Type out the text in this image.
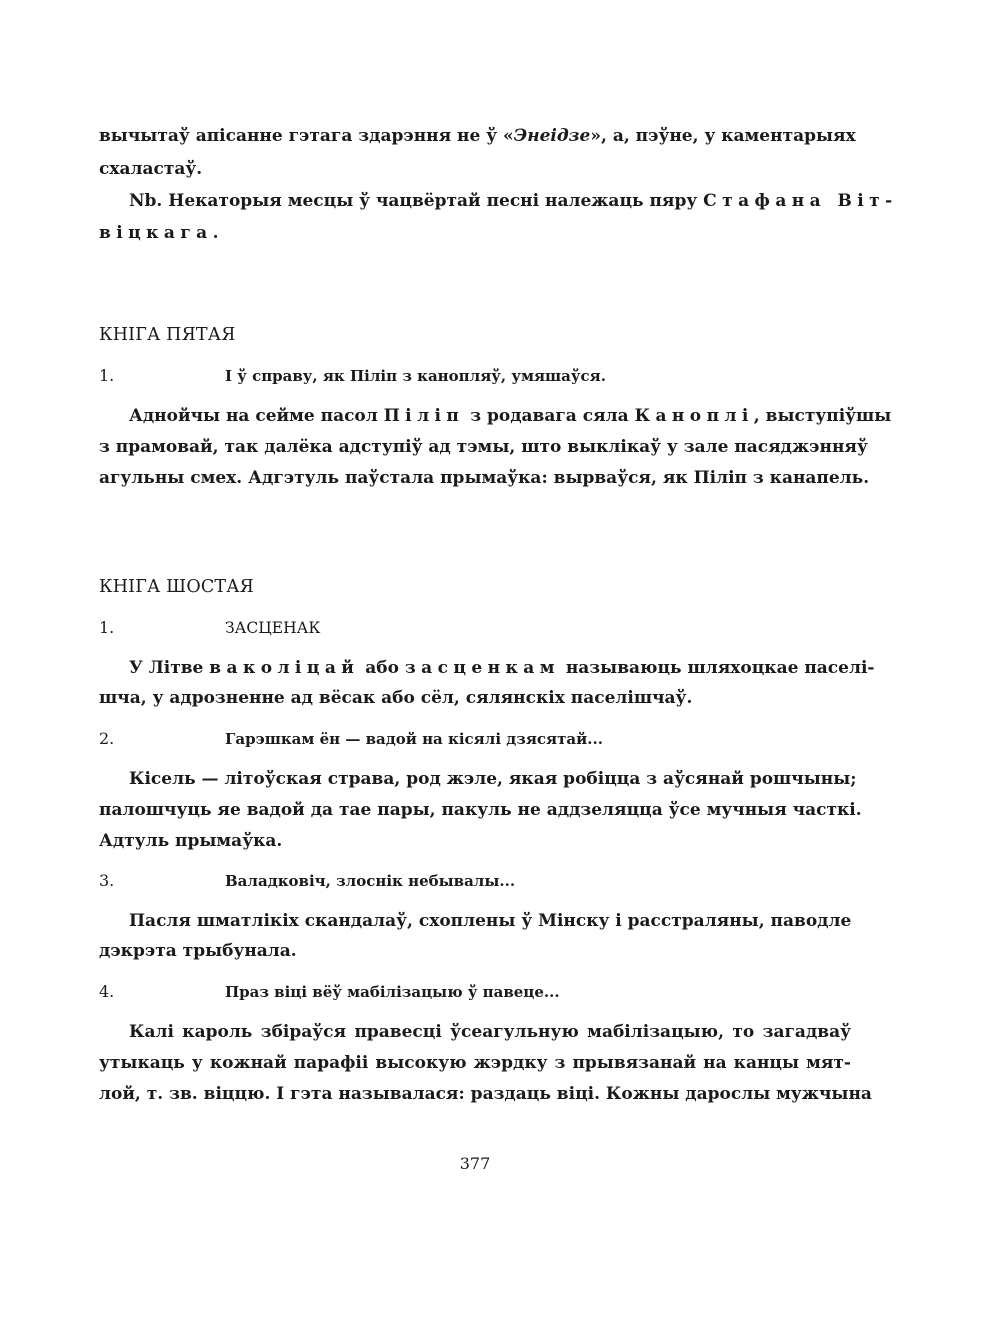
вычытаў апісанне гэтага здарэння не ў «Энеідзе», а, пэўне, у каментарыях
схаластаў.
Nb. Некаторыя месцы ў чацвёртай песні належаць пяру Стафана Віт-
віцкага.
КНІГА ПЯТАЯ
1.	І ў справу, як Піліп з канопляў, умяшаўся.
Аднойчы на сейме пасол Піліп з родавага сяла Каноплі, выступіўшы
з прамовай, так далёка адступіў ад тэмы, што выклікаў у зале пасяджэнняў
агульны смех. Адгэтуль паўстала прымаўка: вырваўся, як Піліп з канапель.
КНІГА ШОСТАЯ
1.	ЗАСЦЕНАК
У Літве ваколіцай або засценкам называюць шляхоцкае паселі-
шча, у адрозненне ад вёсак або сёл, сялянскіх паселішчаў.
2.	Гарэшкам ён — вадой на кісялі дзясятай...
Кісель — літоўская страва, род жэле, якая робіцца з аўсянай рошчыны;
палошчуць яе вадой да тае пары, пакуль не аддзеляцца ўсе мучныя часткі.
Адтуль прымаўка.
3.	Валадковіч, злоснік небывалы...
Пасля шматлікіх скандалаў, схоплены ў Мінску і расстраляны, паводле
дэкрэта трыбунала.
4.	Праз віці вёў мабілізацыю ў павеце...
Калі кароль збіраўся правесці ўсеагульную мабілізацыю, то загадваў
утыкаць у кожнай парафіі высокую жэрдку з прывязанай на канцы мят-
лой, т. зв. віццю. І гэта называлася: раздаць віці. Кожны дарослы мужчына
377
